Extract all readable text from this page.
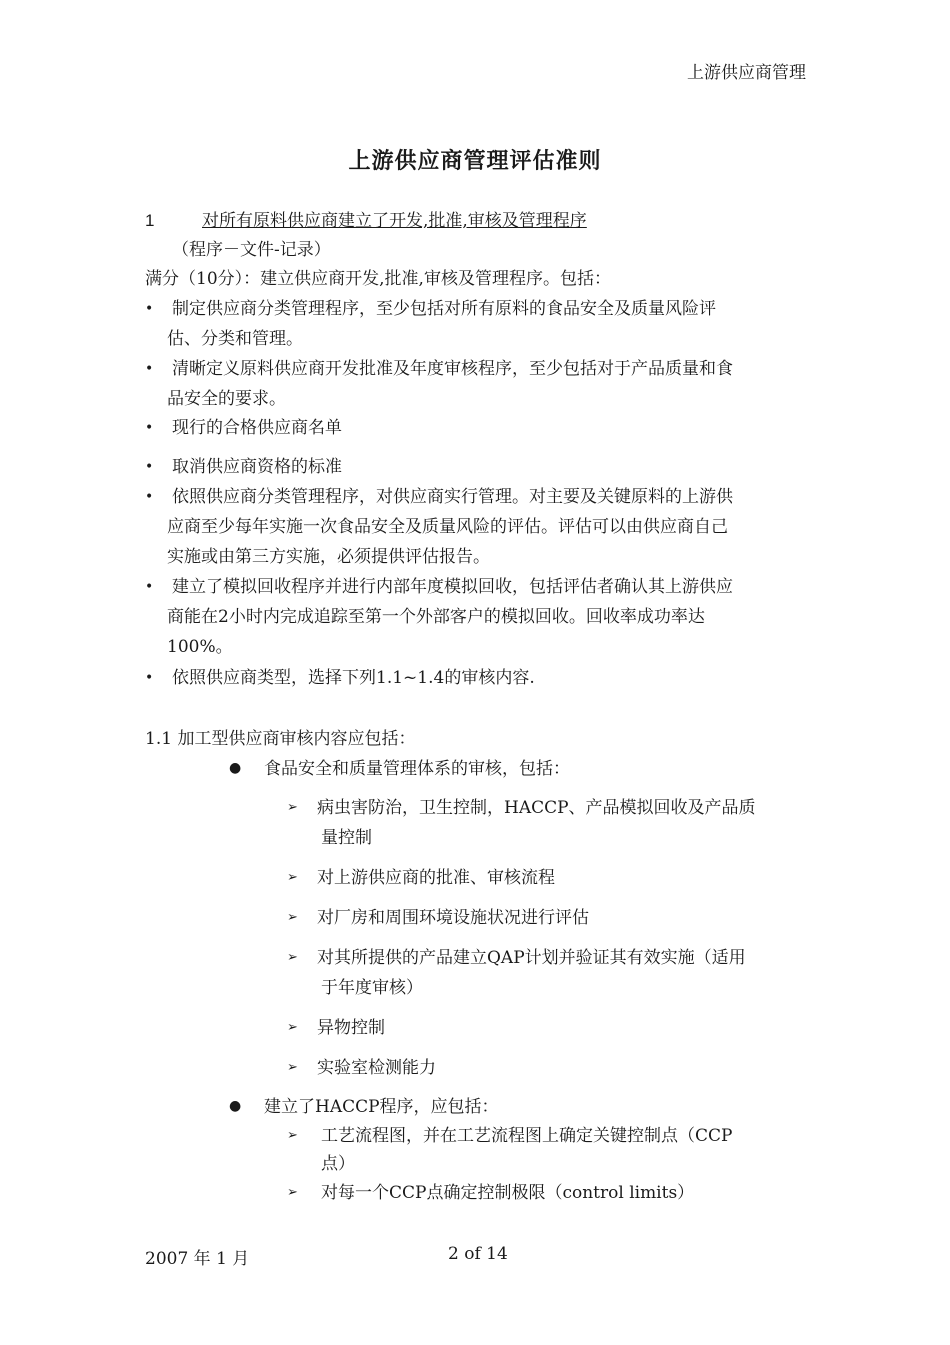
上游供应商管理
上游供应商管理评估准则
1	对所有原料供应商建立了开发,批准,审核及管理程序
（程序－文件-记录）
满分（10分）：建立供应商开发,批准,审核及管理程序。包括：
• 制定供应商分类管理程序，至少包括对所有原料的食品安全及质量风险评
估、分类和管理。
• 清晰定义原料供应商开发批准及年度审核程序，至少包括对于产品质量和食
品安全的要求。
• 现行的合格供应商名单
• 取消供应商资格的标准
• 依照供应商分类管理程序，对供应商实行管理。对主要及关键原料的上游供
应商至少每年实施一次食品安全及质量风险的评估。评估可以由供应商自己
实施或由第三方实施，必须提供评估报告。
• 建立了模拟回收程序并进行内部年度模拟回收，包括评估者确认其上游供应
商能在2小时内完成追踪至第一个外部客户的模拟回收。回收率成功率达
100%。
• 依照供应商类型，选择下列1.1~1.4的审核内容.
1.1 加工型供应商审核内容应包括：
● 食品安全和质量管理体系的审核，包括：
➢ 病虫害防治，卫生控制，HACCP、产品模拟回收及产品质
量控制
➢ 对上游供应商的批准、审核流程
➢ 对厂房和周围环境设施状况进行评估
➢ 对其所提供的产品建立QAP计划并验证其有效实施（适用
于年度审核）
➢ 异物控制
➢ 实验室检测能力
● 建立了HACCP程序，应包括：
➢ 工艺流程图，并在工艺流程图上确定关键控制点（CCP
点）
➢ 对每一个CCP点确定控制极限（control limits）
2007 年 1 月	2 of 14
